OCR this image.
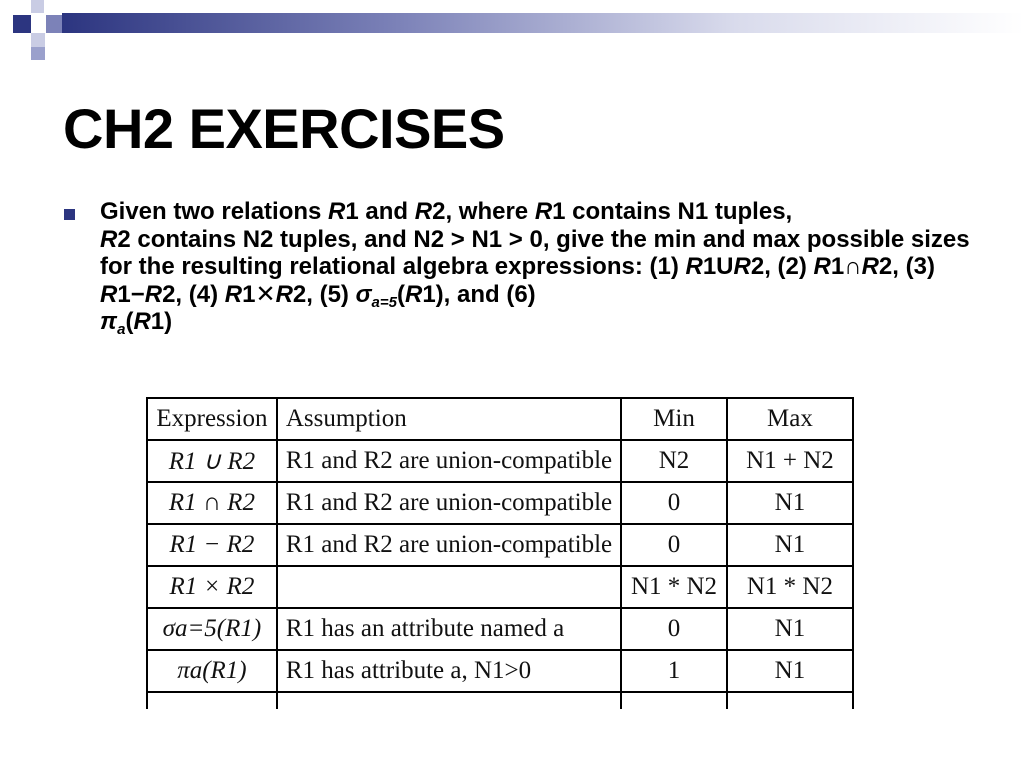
CH2 EXERCISES
Given two relations R1 and R2, where R1 contains N1 tuples,
R2 contains N2 tuples, and N2 > N1 > 0, give the min and max possible sizes for the resulting relational algebra expressions: (1) R1UR2, (2) R1∩R2, (3) R1−R2, (4) R1✕R2, (5) $\sigma_{a=5}(R1)$, and (6)
$\pi_a(R1)$
Expression	Assumption	Min	Max
R1 ∪ R2	R1 and R2 are union-compatible	N2	N1 + N2
R1 ∩ R2	R1 and R2 are union-compatible	0	N1
R1 − R2	R1 and R2 are union-compatible	0	N1
R1 × R2		N1 * N2	N1 * N2
σa=5(R1)	R1 has an attribute named a	0	N1
πa(R1)	R1 has attribute a, N1>0	1	N1
